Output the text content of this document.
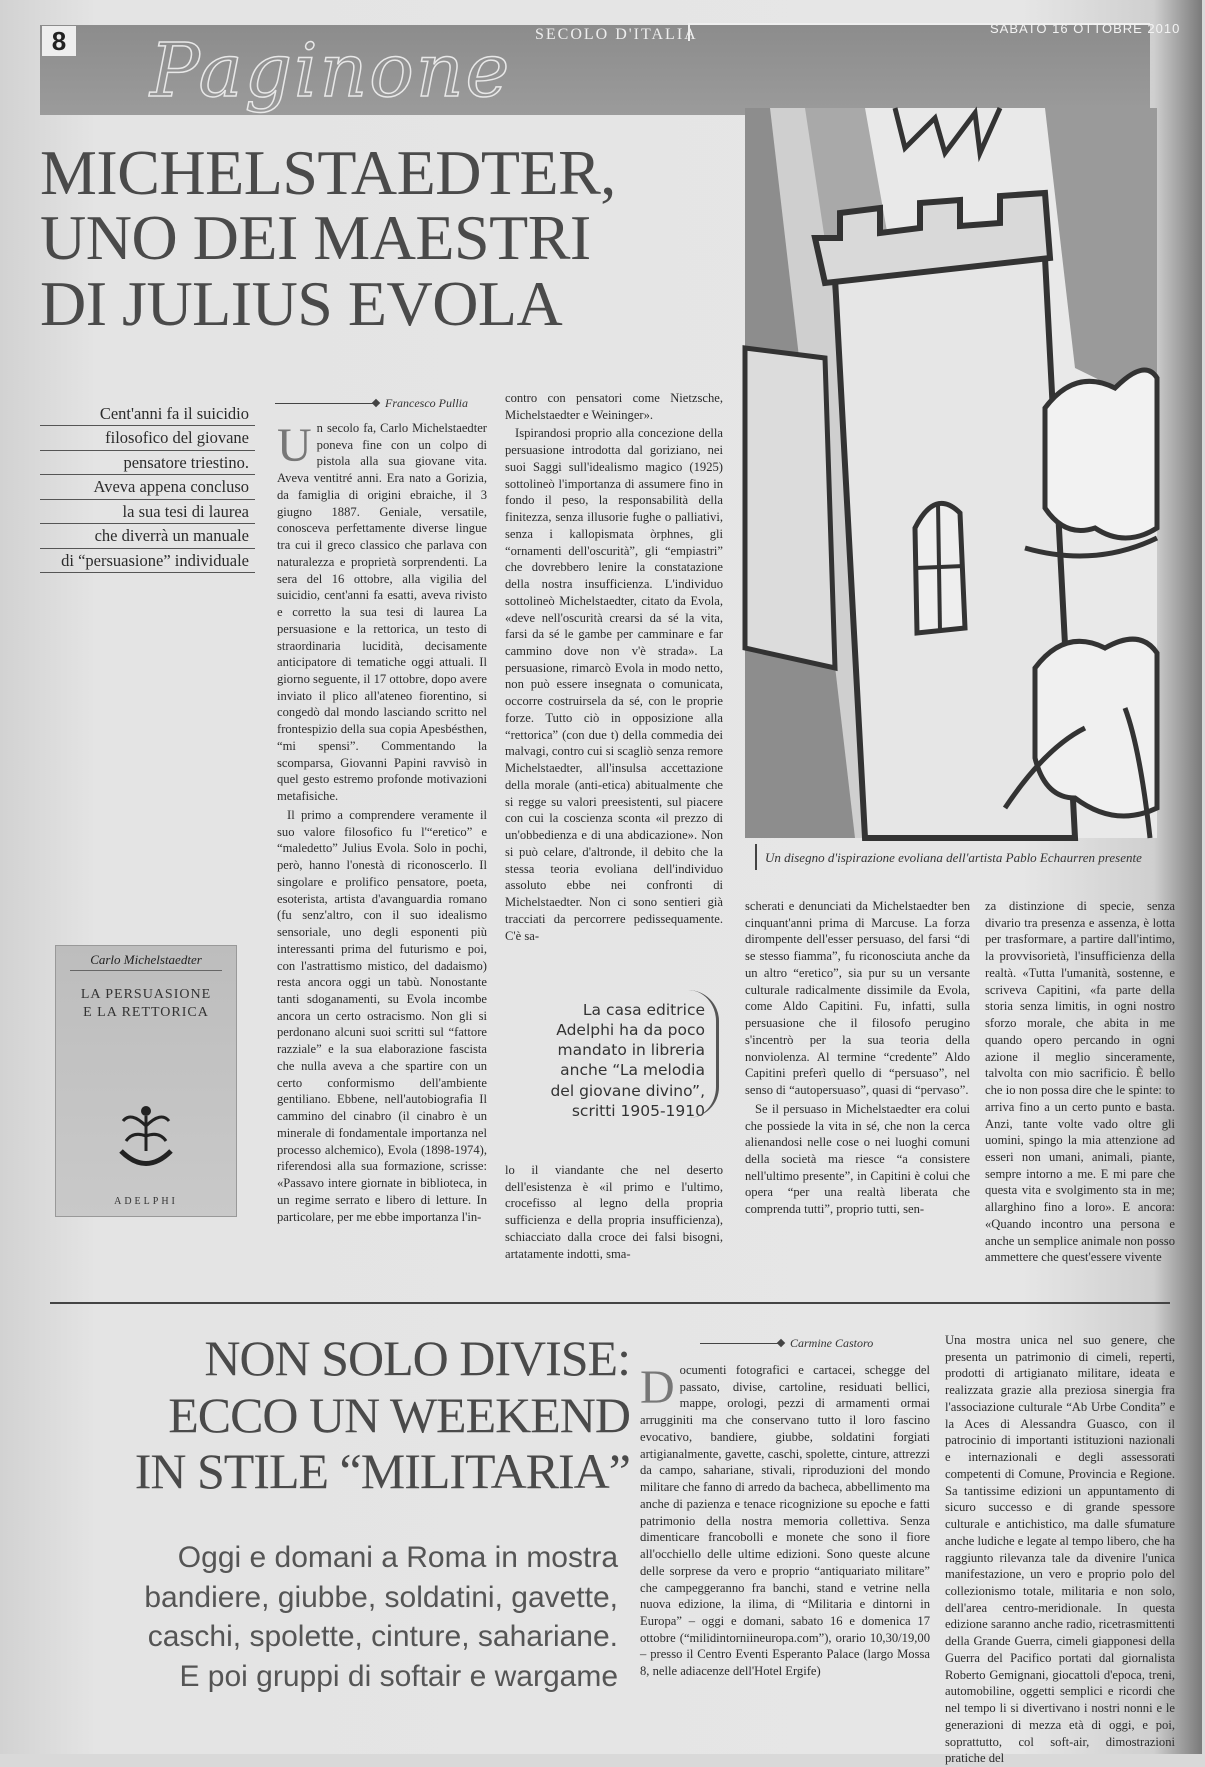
8 Paginone SECOLO D'ITALIA	SABATO 16 OTTOBRE 2010
MICHELSTAEDTER,
UNO DEI MAESTRI
DI JULIUS EVOLA
Un disegno d'ispirazione evoliana dell'artista Pablo Echaurren presente
Cent'anni fa il suicidio
filosofico del giovane
pensatore triestino.
Aveva appena concluso
la sua tesi di laurea
che diverrà un manuale
di “persuasione” individuale
Francesco Pullia

Un secolo fa, Carlo Michelstaedter poneva fine con un colpo di pistola alla sua giovane vita. Aveva ventitré anni. Era nato a Gorizia, da famiglia di origini ebraiche, il 3 giugno 1887. Geniale, versatile, conosceva perfettamente diverse lingue tra cui il greco classico che parlava con naturalezza e proprietà sorprendenti. La sera del 16 ottobre, alla vigilia del suicidio, cent'anni fa esatti, aveva rivisto e corretto la sua tesi di laurea La persuasione e la rettorica, un testo di straordinaria lucidità, decisamente anticipatore di tematiche oggi attuali. Il giorno seguente, il 17 ottobre, dopo avere inviato il plico all'ateneo fiorentino, si congedò dal mondo lasciando scritto nel frontespizio della sua copia Apesbésthen, “mi spensi”. Commentando la scomparsa, Giovanni Papini ravvisò in quel gesto estremo profonde motivazioni metafisiche.

Il primo a comprendere veramente il suo valore filosofico fu l'“eretico” e “maledetto” Julius Evola. Solo in pochi, però, hanno l'onestà di riconoscerlo. Il singolare e prolifico pensatore, poeta, esoterista, artista d'avanguardia romano (fu senz'altro, con il suo idealismo sensoriale, uno degli esponenti più interessanti prima del futurismo e poi, con l'astrattismo mistico, del dadaismo) resta ancora oggi un tabù. Nonostante tanti sdoganamenti, su Evola incombe ancora un certo ostracismo. Non gli si perdonano alcuni suoi scritti sul “fattore razziale” e la sua elaborazione fascista che nulla aveva a che spartire con un certo conformismo dell'ambiente gentiliano. Ebbene, nell'autobiografia Il cammino del cinabro (il cinabro è un minerale di fondamentale importanza nel processo alchemico), Evola (1898-1974), riferendosi alla sua formazione, scrisse: «Passavo intere giornate in biblioteca, in un regime serrato e libero di letture. In particolare, per me ebbe importanza l'in-

contro con pensatori come Nietzsche, Michelstaedter e Weininger».

Ispirandosi proprio alla concezione della persuasione introdotta dal goriziano, nei suoi Saggi sull'idealismo magico (1925) sottolineò l'importanza di assumere fino in fondo il peso, la responsabilità della finitezza, senza illusorie fughe o palliativi, senza i kallopismata òrphnes, gli “ornamenti dell'oscurità”, gli “empiastri” che dovrebbero lenire la constatazione della nostra insufficienza. L'individuo sottolineò Michelstaedter, citato da Evola, «deve nell'oscurità crearsi da sé la vita, farsi da sé le gambe per camminare e far cammino dove non v'è strada». La persuasione, rimarcò Evola in modo netto, non può essere insegnata o comunicata, occorre costruirsela da sé, con le proprie forze. Tutto ciò in opposizione alla “rettorica” (con due t) della commedia dei malvagi, contro cui si scagliò senza remore Michelstaedter, all'insulsa accettazione della morale (anti-etica) abitualmente che si regge su valori preesistenti, sul piacere con cui la coscienza sconta «il prezzo di un'obbedienza e di una abdicazione». Non si può celare, d'altronde, il debito che la stessa teoria evoliana dell'individuo assoluto ebbe nei confronti di Michelstaedter. Non ci sono sentieri già tracciati da percorrere pedissequamente. C'è sa-

La casa editrice
Adelphi ha da poco
mandato in libreria
anche “La melodia
del giovane divino”,
scritti 1905-1910

lo il viandante che nel deserto dell'esistenza è «il primo e l'ultimo, crocefisso al legno della propria sufficienza e della propria insufficienza), schiacciato dalla croce dei falsi bisogni, artatamente indotti, sma-

scherati e denunciati da Michelstaedter ben cinquant'anni prima di Marcuse. La forza dirompente dell'esser persuaso, del farsi “di se stesso fiamma”, fu riconosciuta anche da un altro “eretico”, sia pur su un versante culturale radicalmente dissimile da Evola, come Aldo Capitini. Fu, infatti, sulla persuasione che il filosofo perugino s'incentrò per la sua teoria della nonviolenza. Al termine “credente” Aldo Capitini preferì quello di “persuaso”, nel senso di “autopersuaso”, quasi di “pervaso”.

Se il persuaso in Michelstaedter era colui che possiede la vita in sé, che non la cerca alienandosi nelle cose o nei luoghi comuni della società ma riesce “a consistere nell'ultimo presente”, in Capitini è colui che opera “per una realtà liberata che comprenda tutti”, proprio tutti, sen-

za distinzione di specie, senza divario tra presenza e assenza, è lotta per trasformare, a partire dall'intimo, la provvisorietà, l'insufficienza della realtà. «Tutta l'umanità, sostenne, e scriveva Capitini, «fa parte della storia senza limitis, in ogni nostro sforzo morale, che abita in me quando opero percando in ogni azione il meglio sinceramente, talvolta con mio sacrificio. È bello che io non possa dire che le spinte: to arriva fino a un certo punto e basta. Anzi, tante volte vado oltre gli uomini, spingo la mia attenzione ad esseri non umani, animali, piante, sempre intorno a me. E mi pare che questa vita e svolgimento sta in me; allarghino fino a loro». E ancora: «Quando incontro una persona e anche un semplice animale non posso ammettere che quest'essere vivente

Carlo Michelstaedter
LA PERSUASIONE
E LA RETTORICA
ADELPHI
NON SOLO DIVISE:
ECCO UN WEEKEND
IN STILE “MILITARIA”
Oggi e domani a Roma in mostra
bandiere, giubbe, soldatini, gavette,
caschi, spolette, cinture, sahariane.
E poi gruppi di softair e wargame
Carmine Castoro

Documenti fotografici e cartacei, schegge del passato, divise, cartoline, residuati bellici, mappe, orologi, pezzi di armamenti ormai arrugginiti ma che conservano tutto il loro fascino evocativo, bandiere, giubbe, soldatini forgiati artigianalmente, gavette, caschi, spolette, cinture, attrezzi da campo, sahariane, stivali, riproduzioni del mondo militare che fanno di arredo da bacheca, abbellimento ma anche di pazienza e tenace ricognizione su epoche e fatti patrimonio della nostra memoria collettiva. Senza dimenticare francobolli e monete che sono il fiore all'occhiello delle ultime edizioni. Sono queste alcune delle sorprese da vero e proprio “antiquariato militare” che campeggeranno fra banchi, stand e vetrine nella nuova edizione, la ilima, di “Militaria e dintorni in Europa” – oggi e domani, sabato 16 e domenica 17 ottobre (“milidintorniineuropa.com”), orario 10,30/19,00 – presso il Centro Eventi Esperanto Palace (largo Mossa 8, nelle adiacenze dell'Hotel Ergife)

Una mostra unica nel suo genere, che presenta un patrimonio di cimeli, reperti, prodotti di artigianato militare, ideata e realizzata grazie alla preziosa sinergia fra l'associazione culturale “Ab Urbe Condita” e la Aces di Alessandra Guasco, con il patrocinio di importanti istituzioni nazionali e internazionali e degli assessorati competenti di Comune, Provincia e Regione. Sa tantissime edizioni un appuntamento di sicuro successo e di grande spessore culturale e antichistico, ma dalle sfumature anche ludiche e legate al tempo libero, che ha raggiunto rilevanza tale da divenire l'unica manifestazione, un vero e proprio polo del collezionismo totale, militaria e non solo, dell'area centro-meridionale. In questa edizione saranno anche radio, ricetrasmittenti della Grande Guerra, cimeli giapponesi della Guerra del Pacifico portati dal giornalista Roberto Gemignani, giocattoli d'epoca, treni, automobiline, oggetti semplici e ricordi che nel tempo li si divertivano i nostri nonni e le generazioni di mezza età di oggi, e poi, soprattutto, col soft-air, dimostrazioni pratiche del
